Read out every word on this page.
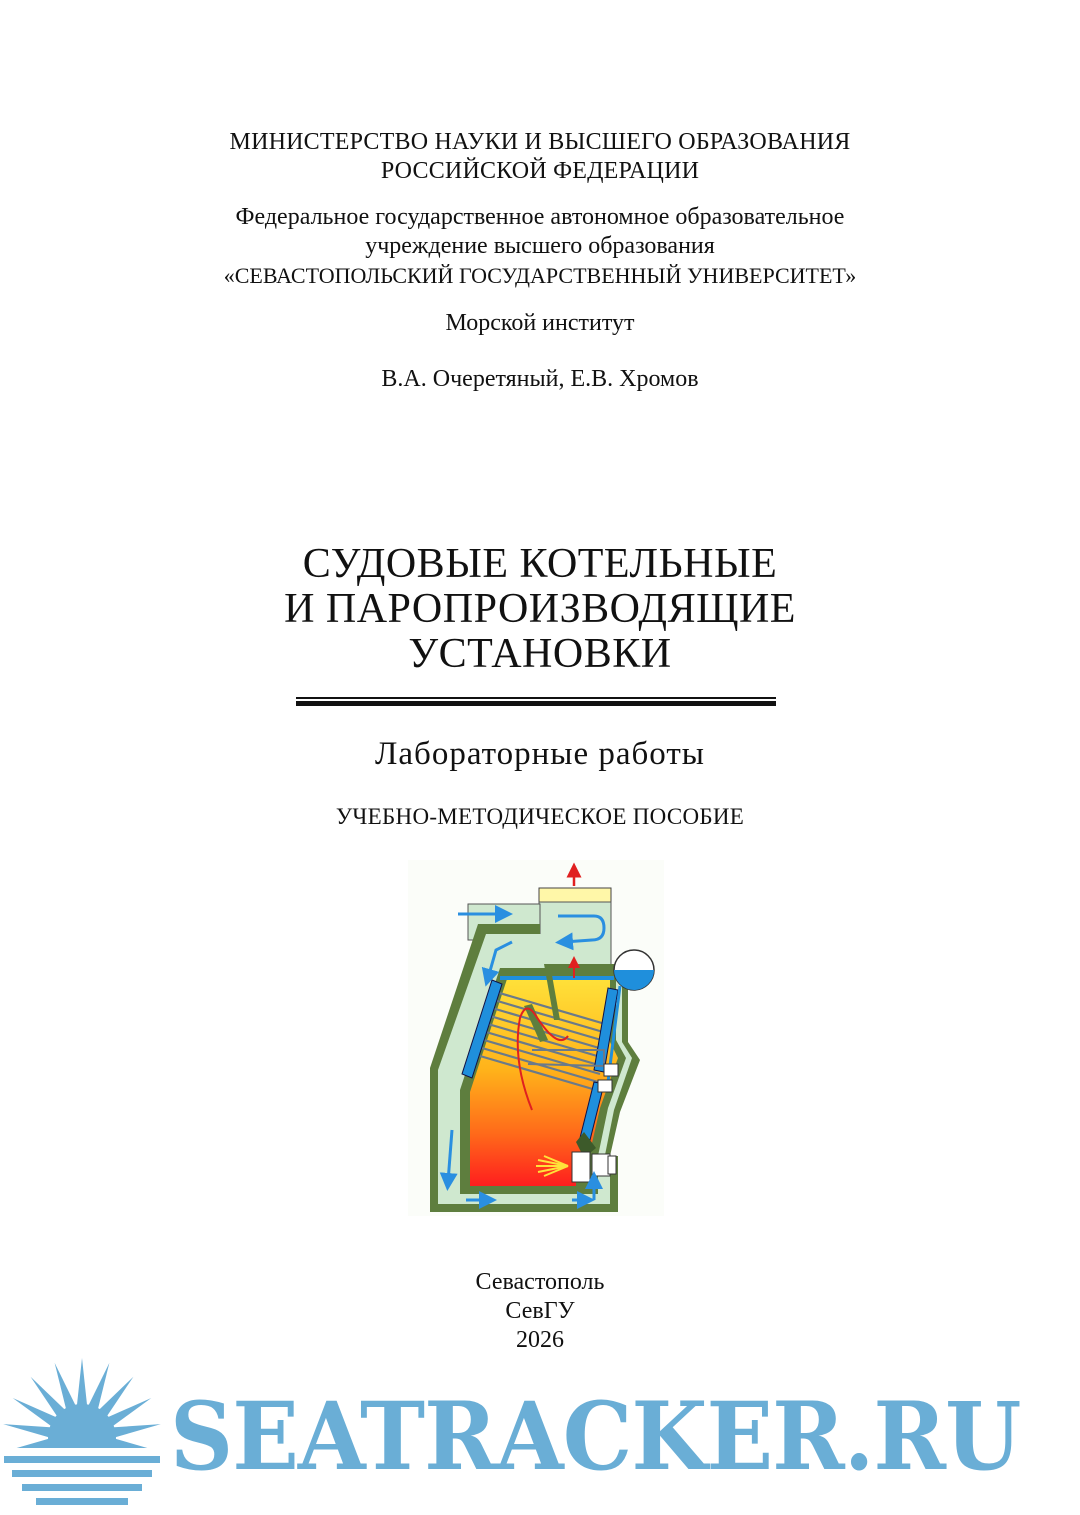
МИНИСТЕРСТВО НАУКИ И ВЫСШЕГО ОБРАЗОВАНИЯ
РОССИЙСКОЙ ФЕДЕРАЦИИ
Федеральное государственное автономное образовательное
учреждение высшего образования
«СЕВАСТОПОЛЬСКИЙ ГОСУДАРСТВЕННЫЙ УНИВЕРСИТЕТ»
Морской институт
В.А. Очеретяный, Е.В. Хромов
СУДОВЫЕ КОТЕЛЬНЫЕ
И ПАРОПРОИЗВОДЯЩИЕ
УСТАНОВКИ
Лабораторные работы
УЧЕБНО-МЕТОДИЧЕСКОЕ ПОСОБИЕ
Севастополь
СевГУ
2026
SEATRACKER.RU
